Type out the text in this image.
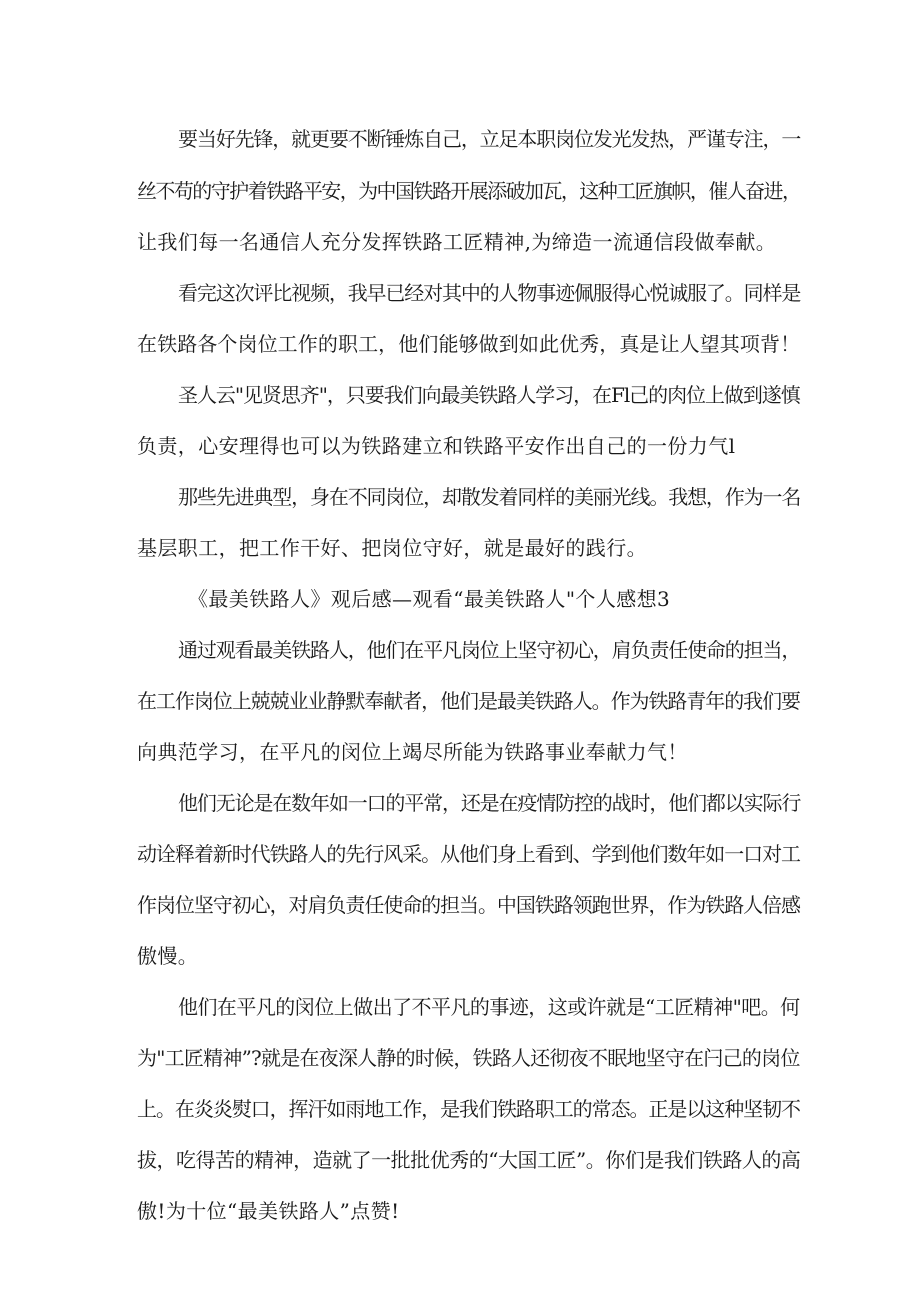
要当好先锋，就更要不断锤炼自己，立足本职岗位发光发热，严谨专注，一
丝不苟的守护着铁路平安，为中国铁路开展添破加瓦，这种工匠旗帜，催人奋进，
让我们每一名通信人充分发挥铁路工匠精神,为缔造一流通信段做奉献。
看完这次评比视频，我早已经对其中的人物事迹佩服得心悦诚服了。同样是
在铁路各个岗位工作的职工，他们能够做到如此优秀，真是让人望其项背！
圣人云"见贤思齐"，只要我们向最美铁路人学习，在Fl己的肉位上做到遂慎
负责，心安理得也可以为铁路建立和铁路平安作出自己的一份力气l
那些先进典型，身在不同岗位，却散发着同样的美丽光线。我想，作为一名
基层职工，把工作干好、把岗位守好，就是最好的践行。
《最美铁路人》观后感—观看“最美铁路人"个人感想3
通过观看最美铁路人，他们在平凡岗位上坚守初心，肩负责任使命的担当，
在工作岗位上兢兢业业静默奉献者，他们是最美铁路人。作为铁路青年的我们要
向典范学习，在平凡的闵位上竭尽所能为铁路事业奉献力气！
他们无论是在数年如一口的平常，还是在疫情防控的战时，他们都以实际行
动诠释着新时代铁路人的先行风采。从他们身上看到、学到他们数年如一口对工
作岗位坚守初心，对肩负责任使命的担当。中国铁路领跑世界，作为铁路人倍感
傲慢。
他们在平凡的闵位上做出了不平凡的事迹，这或许就是“工匠精神"吧。何
为"工匠精神”?就是在夜深人静的时候，铁路人还彻夜不眠地坚守在闩己的岗位
上。在炎炎熨口，挥汗如雨地工作，是我们铁路职工的常态。正是以这种坚韧不
拔，吃得苦的精神，造就了一批批优秀的“大国工匠”。你们是我们铁路人的高
傲!为十位“最美铁路人”点赞!
